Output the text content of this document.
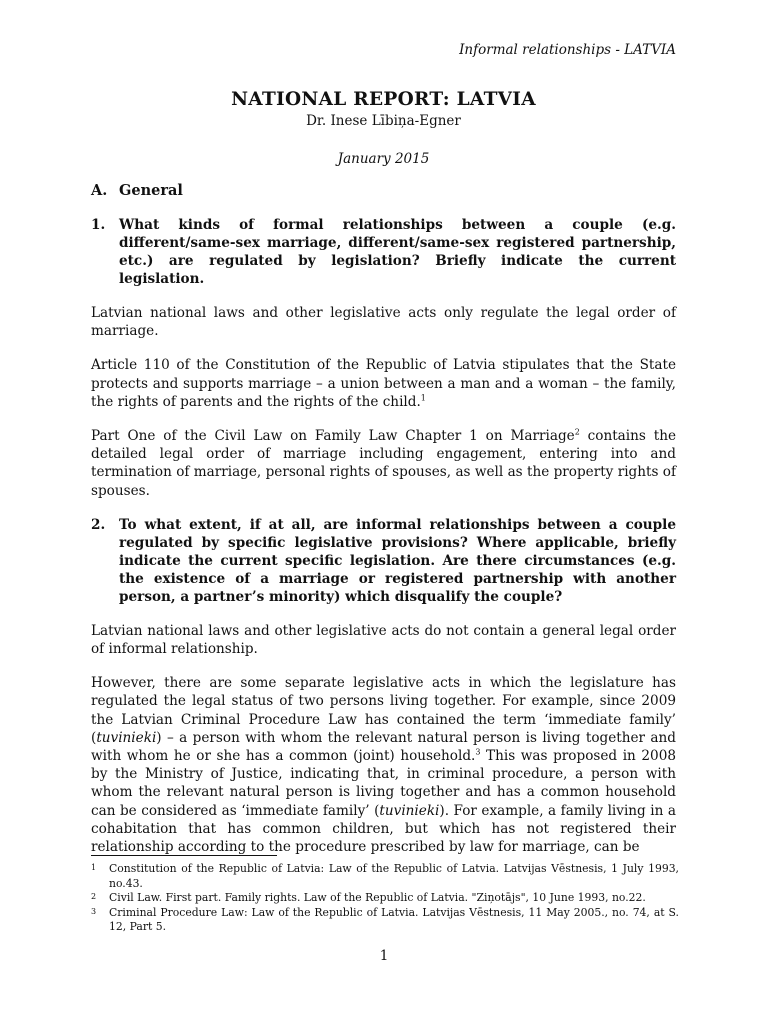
Informal relationships - LATVIA
NATIONAL REPORT: LATVIA
Dr. Inese Lībiņa-Egner
January 2015
A. General
1.	What kinds of formal relationships between a couple (e.g. different/same-sex marriage, different/same-sex registered partnership, etc.) are regulated by legislation? Briefly indicate the current legislation.

Latvian national laws and other legislative acts only regulate the legal order of marriage.

Article 110 of the Constitution of the Republic of Latvia stipulates that the State protects and supports marriage – a union between a man and a woman – the family, the rights of parents and the rights of the child.$^1$

Part One of the Civil Law on Family Law Chapter 1 on Marriage$^2$ contains the detailed legal order of marriage including engagement, entering into and termination of marriage, personal rights of spouses, as well as the property rights of spouses.

2.	To what extent, if at all, are informal relationships between a couple regulated by specific legislative provisions? Where applicable, briefly indicate the current specific legislation. Are there circumstances (e.g. the existence of a marriage or registered partnership with another person, a partner’s minority) which disqualify the couple?

Latvian national laws and other legislative acts do not contain a general legal order of informal relationship.

However, there are some separate legislative acts in which the legislature has regulated the legal status of two persons living together. For example, since 2009 the Latvian Criminal Procedure Law has contained the term ‘immediate family’ (tuvinieki) – a person with whom the relevant natural person is living together and with whom he or she has a common (joint) household.$^3$ This was proposed in 2008 by the Ministry of Justice, indicating that, in criminal procedure, a person with whom the relevant natural person is living together and has a common household can be considered as ‘immediate family’ (tuvinieki). For example, a family living in a cohabitation that has common children, but which has not registered their relationship according to the procedure prescribed by law for marriage, can be

1	Constitution of the Republic of Latvia: Law of the Republic of Latvia. Latvijas Vēstnesis, 1 July 1993, no.43.
2	Civil Law. First part. Family rights. Law of the Republic of Latvia. "Ziņotājs", 10 June 1993, no.22.
3	Criminal Procedure Law: Law of the Republic of Latvia. Latvijas Vēstnesis, 11 May 2005., no. 74, at S. 12, Part 5.
1
